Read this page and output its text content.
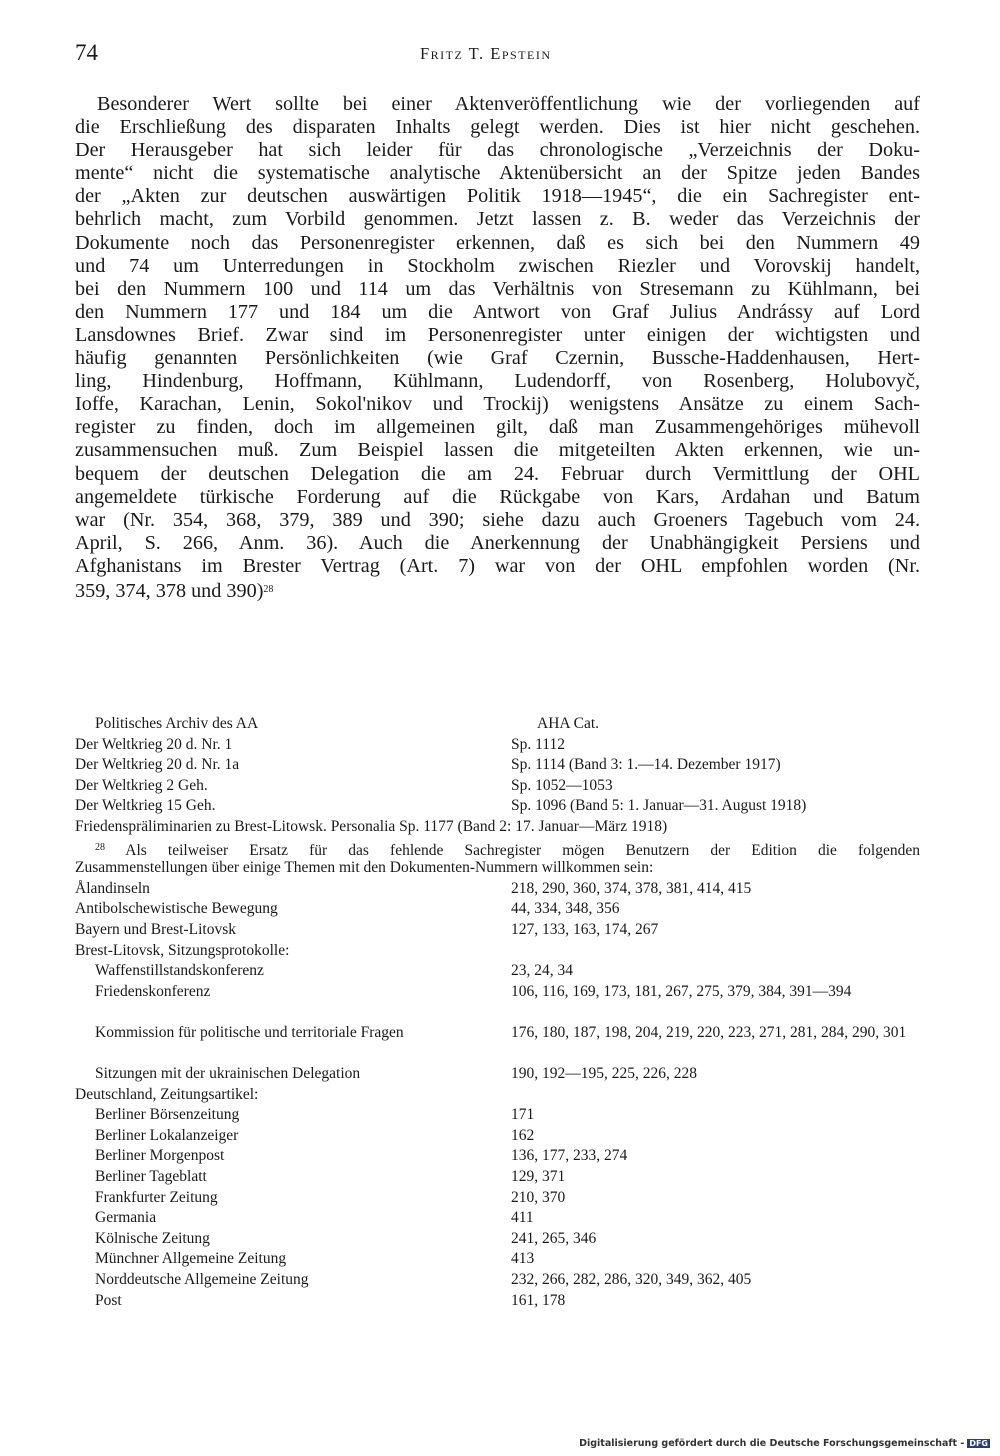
74	Fritz T. Epstein
Besonderer Wert sollte bei einer Aktenveröffentlichung wie der vorliegenden auf
die Erschließung des disparaten Inhalts gelegt werden. Dies ist hier nicht geschehen.
Der Herausgeber hat sich leider für das chronologische „Verzeichnis der Doku-
mente“ nicht die systematische analytische Aktenübersicht an der Spitze jeden Bandes
der „Akten zur deutschen auswärtigen Politik 1918—1945“, die ein Sachregister ent-
behrlich macht, zum Vorbild genommen. Jetzt lassen z. B. weder das Verzeichnis der
Dokumente noch das Personenregister erkennen, daß es sich bei den Nummern 49
und 74 um Unterredungen in Stockholm zwischen Riezler und Vorovskij handelt,
bei den Nummern 100 und 114 um das Verhältnis von Stresemann zu Kühlmann, bei
den Nummern 177 und 184 um die Antwort von Graf Julius Andrássy auf Lord
Lansdownes Brief. Zwar sind im Personenregister unter einigen der wichtigsten und
häufig genannten Persönlichkeiten (wie Graf Czernin, Bussche-Haddenhausen, Hert-
ling, Hindenburg, Hoffmann, Kühlmann, Ludendorff, von Rosenberg, Holubovyč,
Ioffe, Karachan, Lenin, Sokol'nikov und Trockij) wenigstens Ansätze zu einem Sach-
register zu finden, doch im allgemeinen gilt, daß man Zusammengehöriges mühevoll
zusammensuchen muß. Zum Beispiel lassen die mitgeteilten Akten erkennen, wie un-
bequem der deutschen Delegation die am 24. Februar durch Vermittlung der OHL
angemeldete türkische Forderung auf die Rückgabe von Kars, Ardahan und Batum
war (Nr. 354, 368, 379, 389 und 390; siehe dazu auch Groeners Tagebuch vom 24.
April, S. 266, Anm. 36). Auch die Anerkennung der Unabhängigkeit Persiens und
Afghanistans im Brester Vertrag (Art. 7) war von der OHL empfohlen worden (Nr.
359, 374, 378 und 390)$^{28}$
Politisches Archiv des AA	AHA Cat.
Der Weltkrieg 20 d. Nr. 1	Sp. 1112
Der Weltkrieg 20 d. Nr. 1a	Sp. 1114 (Band 3: 1.—14. Dezember 1917)
Der Weltkrieg 2 Geh.	Sp. 1052—1053
Der Weltkrieg 15 Geh.	Sp. 1096 (Band 5: 1. Januar—31. August 1918)
Friedenspräliminarien zu Brest-Litowsk. Personalia Sp. 1177 (Band 2: 17. Januar—März 1918)
$^{28}$ Als teilweiser Ersatz für das fehlende Sachregister mögen Benutzern der Edition die folgenden
Zusammenstellungen über einige Themen mit den Dokumenten-Nummern willkommen sein:
Ålandinseln	218, 290, 360, 374, 378, 381, 414, 415
Antibolschewistische Bewegung	44, 334, 348, 356
Bayern und Brest-Litovsk	127, 133, 163, 174, 267
Brest-Litovsk, Sitzungsprotokolle:
Waffenstillstandskonferenz	23, 24, 34
Friedenskonferenz	106, 116, 169, 173, 181, 267, 275, 379, 384, 391—394
Kommission für politische und territoriale Fragen	176, 180, 187, 198, 204, 219, 220, 223, 271, 281, 284, 290, 301
Sitzungen mit der ukrainischen Delegation	190, 192—195, 225, 226, 228
Deutschland, Zeitungsartikel:
Berliner Börsenzeitung	171
Berliner Lokalanzeiger	162
Berliner Morgenpost	136, 177, 233, 274
Berliner Tageblatt	129, 371
Frankfurter Zeitung	210, 370
Germania	411
Kölnische Zeitung	241, 265, 346
Münchner Allgemeine Zeitung	413
Norddeutsche Allgemeine Zeitung	232, 266, 282, 286, 320, 349, 362, 405
Post	161, 178
Digitalisierung gefördert durch die Deutsche Forschungsgemeinschaft - DFG
